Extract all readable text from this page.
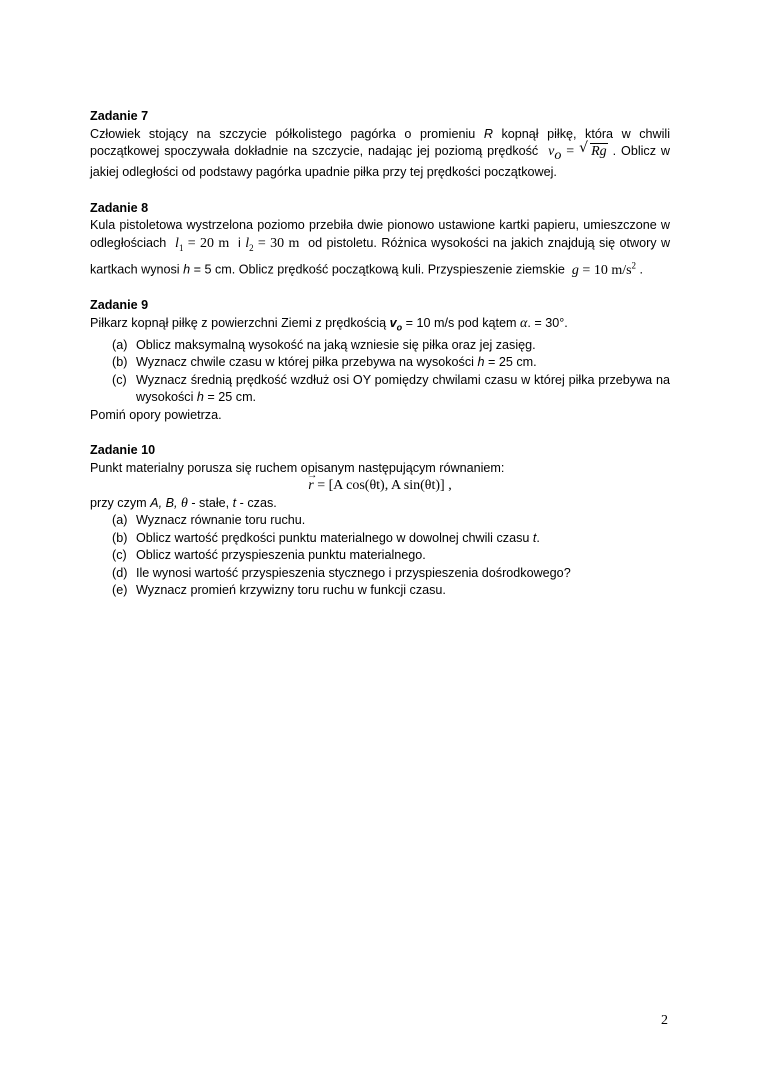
Zadanie 7
Człowiek stojący na szczycie półkolistego pagórka o promieniu R kopnął piłkę, która w chwili początkowej spoczywała dokładnie na szczycie, nadając jej poziomą prędkość $v_o$ = √ Rg . Oblicz w jakiej odległości od podstawy pagórka upadnie piłka przy tej prędkości początkowej.
Zadanie 8
Kula pistoletowa wystrzelona poziomo przebiła dwie pionowo ustawione kartki papieru, umieszczone w odległościach $l_1 = 20$ m i $l_2 = 30$ m od pistoletu. Różnica wysokości na jakich znajdują się otwory w kartkach wynosi h = 5 cm. Oblicz prędkość początkową kuli. Przyspieszenie ziemskie g = 10 $m/s^2$ .
Zadanie 9
Piłkarz kopnął piłkę z powierzchni Ziemi z prędkością $v_o = 10$ m/s pod kątem α. = 30°.
(a) Oblicz maksymalną wysokość na jaką wzniesie się piłka oraz jej zasięg.
(b) Wyznacz chwile czasu w której piłka przebywa na wysokości h = 25 cm.
(c) Wyznacz średnią prędkość wzdłuż osi OY pomiędzy chwilami czasu w której piłka przebywa na wysokości h = 25 cm.
Pomiń opory powietrza.
Zadanie 10
Punkt materialny porusza się ruchem opisanym następującym równaniem:
→ r = [A cos(θt), A sin(θt)] ,
przy czym A, B, θ - stałe, t - czas.
(a) Wyznacz równanie toru ruchu.
(b) Oblicz wartość prędkości punktu materialnego w dowolnej chwili czasu t.
(c) Oblicz wartość przyspieszenia punktu materialnego.
(d) Ile wynosi wartość przyspieszenia stycznego i przyspieszenia dośrodkowego?
(e) Wyznacz promień krzywizny toru ruchu w funkcji czasu.
2
